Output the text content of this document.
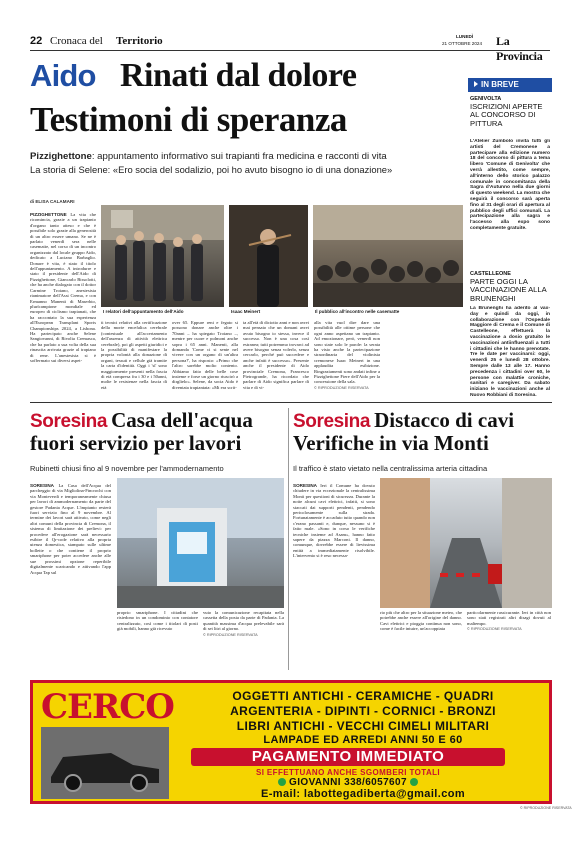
22 Cronaca del Territorio	LUNEDÌ
21 OTTOBRE 2024 La Provincia
Aido Rinati dal dolore
Testimoni di speranza
Pizzighettone: appuntamento informativo sui trapianti fra medicina e racconti di vita
La storia di Selene: «Ero socia del sodalizio, poi ho avuto bisogno io di una donazione»
di ELISA CALAMARI
PIZZIGHETTONE La vita che ricomincia, grazie a un trapianto d'organo tanto atteso e che è possibile solo grazie alla generosità di un altro essere umano. Se ne è parlato venerdì sera nelle casematte, nel corso di un incontro organizzato dal locale gruppo Aido, dedicato a Luciano Barbaglio. Donare è vita, è stato il titolo dell'appuntamento. A introdurre e stato il presidente dell'Aido di Pizzighettone, Giancarlo Bissolotti, che ha anche dialogato con il dottor Carmine Troiano, anestesista rianimatore dell'Asst Crema, e con Ermanno Manenti di Maserbio, plurícampione mondiale ed europeo di ciclismo trapianati, che ha raccontato la sua esperienza all'European Transplant Sports Championships 2024, a Lisbona. Ha partecipato anche Selene Sangiovanni, di Rivolta Cremasca, che ha parlato a sua volta della sua rinascita arrivata grazie al trapiano di rene. L'anestesista si è soffermato sui diversi aspet-
I relatori dell'appuntamento dell'Aido	Isaac Meinert	Il pubblico all'incontro nelle casematte
ti tecnici relativi alla certificazione della morte encefalica cerebrale (contestuale all'accertamento dell'assenza di attività elettrica cerebrale), poi gli aspetti giuridici e la possibilità di manifestare la propria volontà alla donazione di organi, tessuti e cellule già tramite la carta d'identità. Oggi i 'sì' sono maggiormente presenti nella fascia di età compresa fra i 30 e i 50anni, molte le resistenze nella fascia di età
over 65. Eppure reni e fegato si possono donare anche oltre i 70anni – ha spiegato Troiano –, mentre per cuore e polmoni anche sopra i 65 anni. Manenti, alla domanda 'Come ci si sente nel vivere con un organo di un'altra persona?', ha risposto: «Primo che l'altro sarebbe molto contento. Abbiamo fatto delle belle cose insieme e forse un giorno riuscirò a dirglielo». Selene, da socia Aido è diventata trapiantata: «Mi era scrit-
ta all'età di diciotto anni e non avrei mai pensato che un domani avrei avuto bisogno io stessa, invece il successo. Non è una cosa così estranea; tutti potremmo trovarci ad avere bisogno senza volerlo, senza cercarlo, perché può succedere e anche infatti è successo». Presente anche il presidente di Aido provinciale Cremona, Francesco Pietrogrande, ha ricordato che parlare di Aido significa parlare di vita e di vi-
alla vita vuol dire dare una possibilità alle ottime persone che ogni anno aspettano un trapianto. Ad emozionare, però, venerdì non sono state solo le parole: la serata ha visto anche la partecipazione straordinaria del violinista cremonese Isaac Meinert in una applaudita esibizione. Ringraziamenti sono andati infine a Pizzighettone Fiere dell'Aido per la concessione della sala.
© RIPRODUZIONE RISERVATA
IN BREVE
GENIVOLTA
ISCRIZIONI APERTE AL CONCORSO DI PITTURA
L'Atelier Zumbolo invita tutti gli artisti del Cremonese a partecipare alla edizione numero 18 del concorso di pittura a tema libero 'Comune di Genivolta' che verrà allestito, come sempre, all'interno dello storico palazzo comunale in concomitanza della Sagra d'Autunno nella due giorni di questo weekend. La mostra che seguirà il concorso sarà aperta fino al 31 degli orari di apertura al pubblico degli uffici comunali. La partecipazione alla sagra e l'accesso alla expo sono completamente gratuite.
CASTELLEONE
PARTE OGGI LA VACCINAZIONE ALLA BRUNENGHI
La Brunenghi ha aderito al vax-day e quindi da oggi, in collaborazione con l'Ospedale Maggiore di Crema e il Comune di Castelleone, effettuerà la vaccinazione a dosio gratuito le vaccinazioni antiinfluenzali a tutti i cittadini che le hanno prenotate. Tre le date per vaccinarsi: oggi, venerdì 25 e lunedì 28 ottobre. Sempre dalle 13 alle 17. Hanno precedenza i cittadini over 60, le persone con malattie croniche, sanitari e caregiver. Da sabato iniziano le vaccinazioni anche al Nuovo Robbiani di Soresina.
Soresina Casa dell'acqua
fuori servizio per lavori
Rubinetti chiusi fino al 9 novembre per l'ammodernamento
SORESINA La Casa dell'Acqua del parcheggio di via Migliolina-Fincrochi con via Monteverdi e temporaneamente chiusa per lavori di ammodernamento da parte del gestore Padania Acque. L'impianto resterà fuori servizio fino al 9 novembre. Al termine dei lavori sarà attivato, come negli altri comuni della provincia di Cremona, il sistema di limitazione dei prelievi: per procedere all'erogazione sarà necessario esibire il Qr-code relativo alla propria utenza domestica, stampato sulle ultime bollette o che contiene il proprio smartphone per poter accedere anche alle sue prossimi opzione reperibile digitalmente scaricando e attivando l'app Acqua Tap sul
proprio smartphone. I cittadini che risiedono in un condominio con contatore centralizzato, così come i titolari di posti già mobili, hanno già ricevuto
vuto la comunicazione recapitata nella cassetta della posta da parte di Padania. La quantità massima d'acqua prelevabile sarà di sei litri al giorno.
© RIPRODUZIONE RISERVATA
Soresina Distacco di cavi
Verifiche in via Monti
Il traffico è stato vietato nella centralissima arteria cittadina
SORESINA Ieri il Comune ha dovuto chiudere in via eccezionale la centralissima Monti per questioni di sicurezza. Durante la notte alcuni cavi elettrici, infatti, si sono staccati dai supporti pendenti, pendendo pericolosamente sulla strada. Fortunatamente è accaduto tutto quando non c'erano passanti e, dunque, nessuno si è fatto male. «Sono in corso le verifiche tecniche insieme ad Asam», hanno fatto sapere da piazza Marconi. Il danno, comunque, dovrebbe essere di lievissima entità a immediatamente risolvibile. L'intervento si è reso necessa-
rio più che altro per la situazione meteo, che potrebbe anche essere all'origine del danno. Cavi elettrici e pioggia continua non sono, come è facile intuire, un'accoppiata
particolarmente rassicurante. Ieri in città non sono stati registrati altri disagi dovuti al maltempo.
© RIPRODUZIONE RISERVATA
CERCO	OGGETTI ANTICHI - CERAMICHE - QUADRI
ARGENTERIA - DIPINTI - CORNICI - BRONZI
LIBRI ANTICHI - VECCHI CIMELI MILITARI
LAMPADE ED ARREDI ANNI 50 E 60
PAGAMENTO IMMEDIATO
SI EFFETTUANO ANCHE SGOMBERI TOTALI
GIOVANNI 338/6057607
E-mail: labottegadiberta@gmail.com
© RIPRODUZIONE RISERVATA
